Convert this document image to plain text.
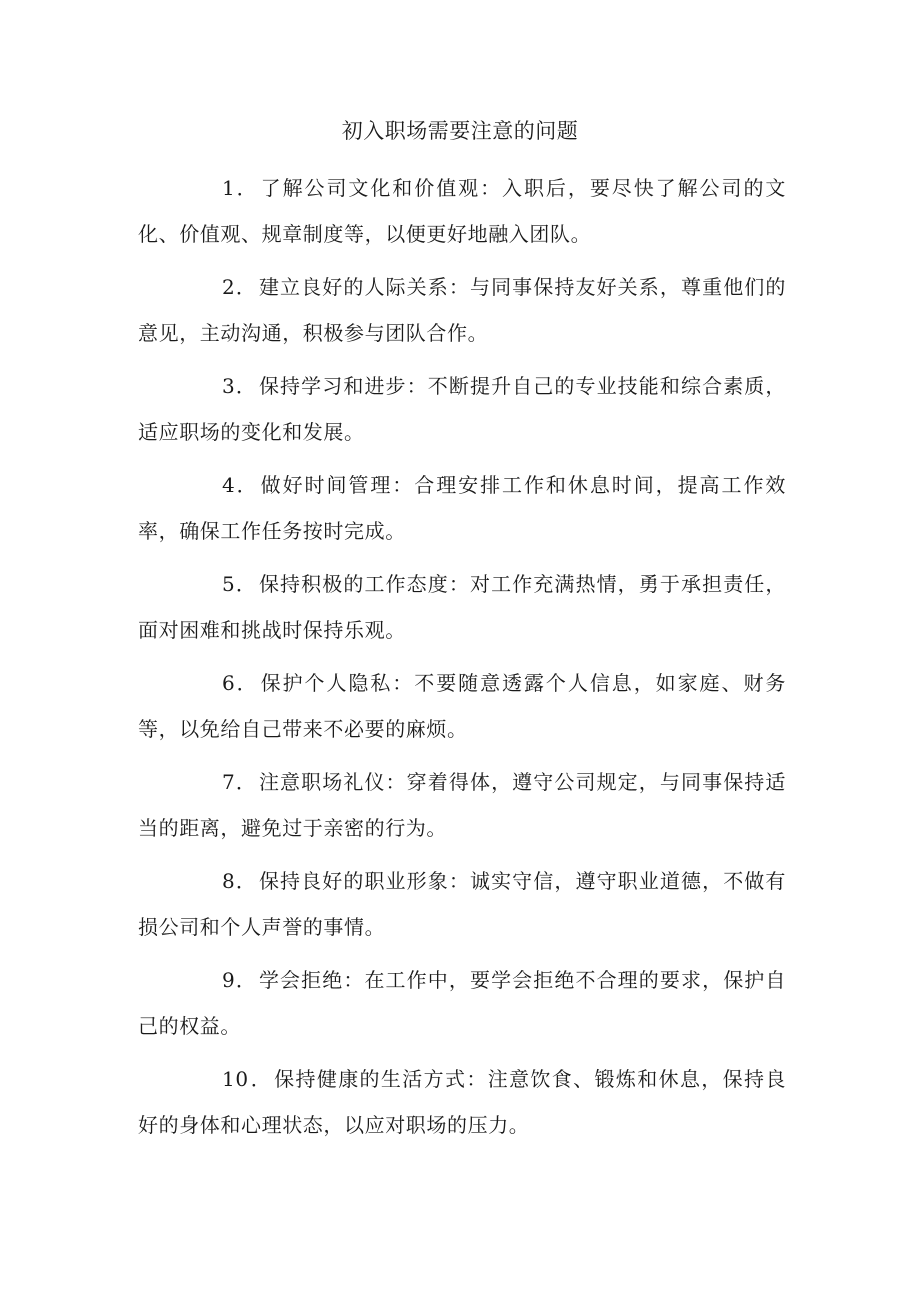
初入职场需要注意的问题

1． 了解公司文化和价值观：入职后，要尽快了解公司的文化、价值观、规章制度等，以便更好地融入团队。

2． 建立良好的人际关系：与同事保持友好关系，尊重他们的意见，主动沟通，积极参与团队合作。

3． 保持学习和进步：不断提升自己的专业技能和综合素质，适应职场的变化和发展。

4． 做好时间管理：合理安排工作和休息时间，提高工作效率，确保工作任务按时完成。

5． 保持积极的工作态度：对工作充满热情，勇于承担责任，面对困难和挑战时保持乐观。

6． 保护个人隐私：不要随意透露个人信息，如家庭、财务等，以免给自己带来不必要的麻烦。

7． 注意职场礼仪：穿着得体，遵守公司规定，与同事保持适当的距离，避免过于亲密的行为。

8． 保持良好的职业形象：诚实守信，遵守职业道德，不做有损公司和个人声誉的事情。

9． 学会拒绝：在工作中，要学会拒绝不合理的要求，保护自己的权益。

10． 保持健康的生活方式：注意饮食、锻炼和休息，保持良好的身体和心理状态，以应对职场的压力。
